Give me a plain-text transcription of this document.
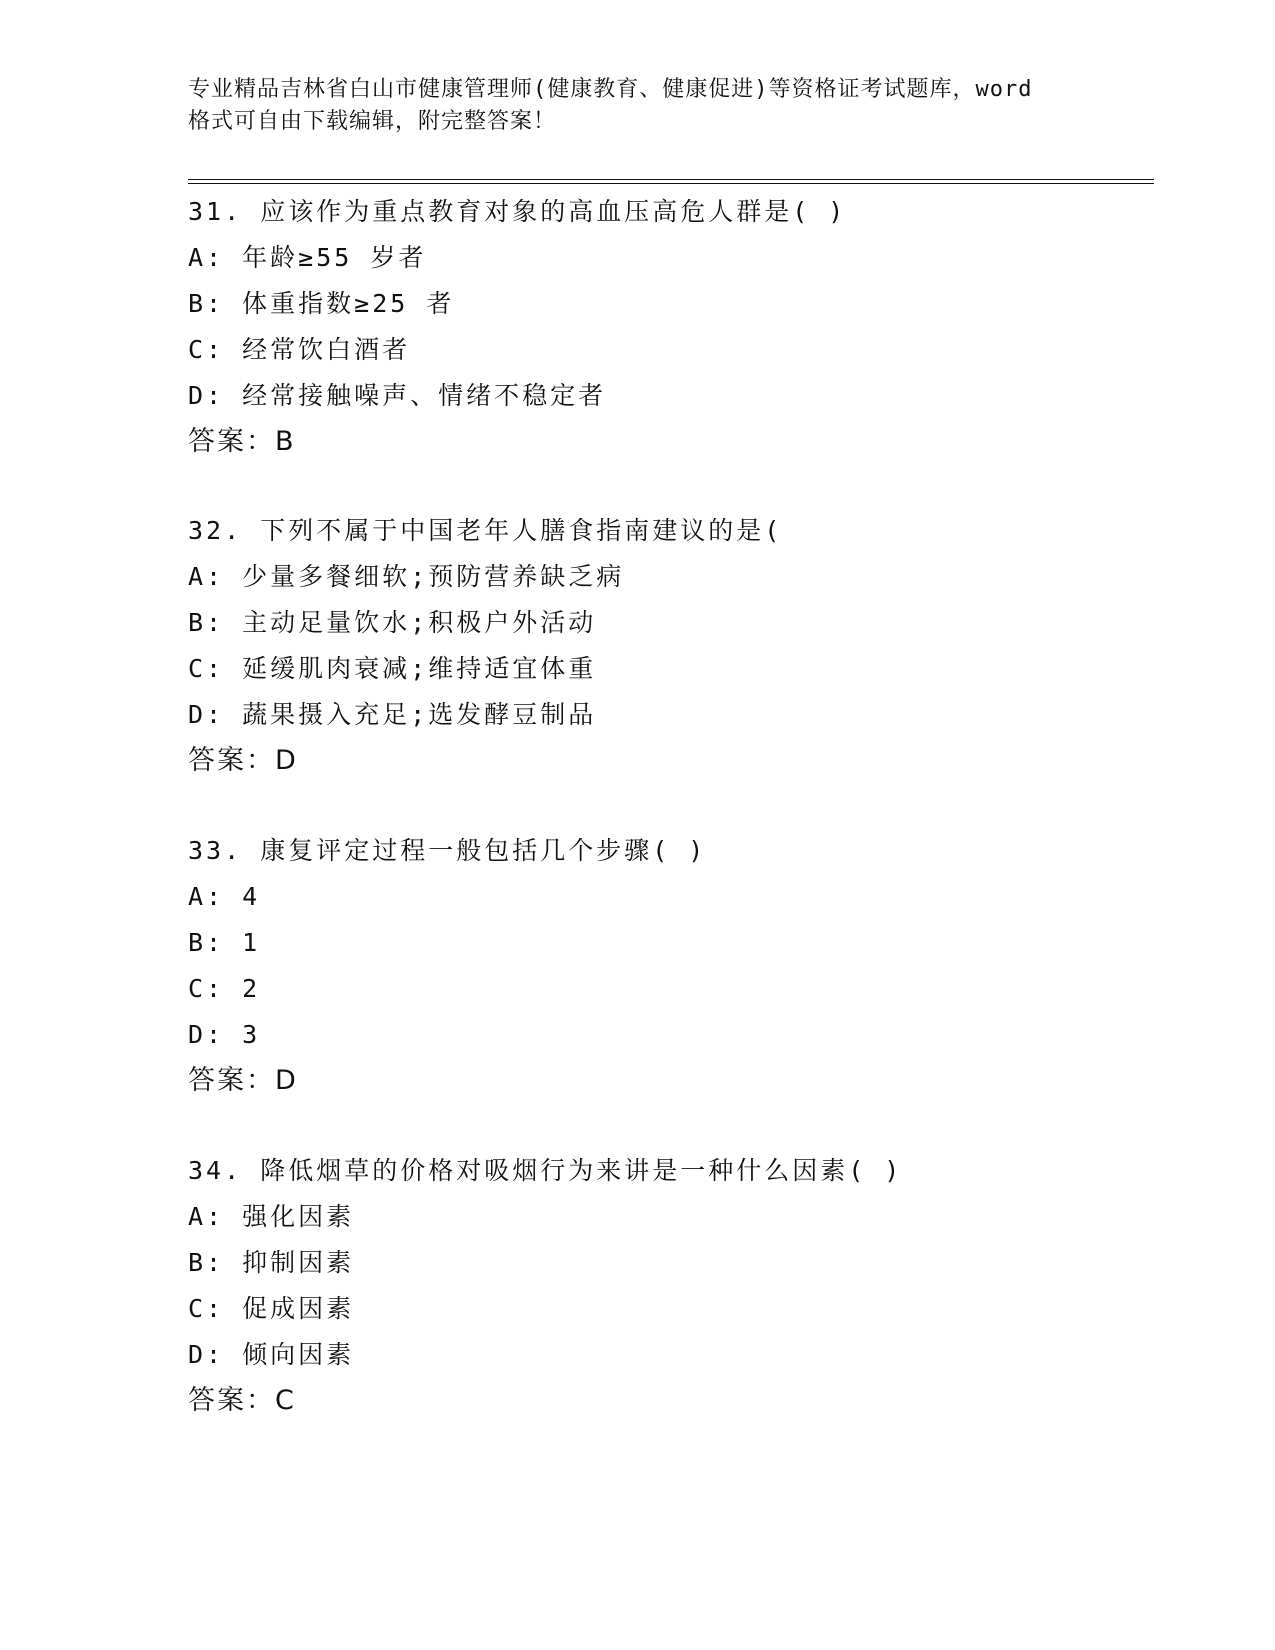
专业精品吉林省白山市健康管理师(健康教育、健康促进)等资格证考试题库，word

格式可自由下载编辑，附完整答案！

31. 应该作为重点教育对象的高血压高危人群是( )
A: 年龄≥55 岁者
B: 体重指数≥25 者
C: 经常饮白酒者
D: 经常接触噪声、情绪不稳定者
答案：B
32. 下列不属于中国老年人膳食指南建议的是(
A: 少量多餐细软;预防营养缺乏病
B: 主动足量饮水;积极户外活动
C: 延缓肌肉衰减;维持适宜体重
D: 蔬果摄入充足;选发酵豆制品
答案：D
33. 康复评定过程一般包括几个步骤( )
A: 4
B: 1
C: 2
D: 3
答案：D
34. 降低烟草的价格对吸烟行为来讲是一种什么因素( )
A: 强化因素
B: 抑制因素
C: 促成因素
D: 倾向因素
答案：C
